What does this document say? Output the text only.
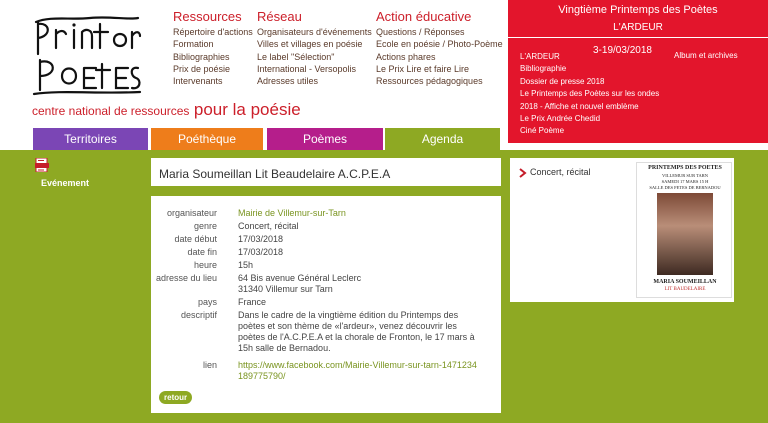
Ressources
Répertoire d'actions
Formation
Bibliographies
Prix de poésie
Intervenants
Réseau
Organisateurs d'événements
Villes et villages en poésie
Le label "Sélection"
International - Versopolis
Adresses utiles
Action éducative
Questions / Réponses
Ecole en poésie / Photo-Poème
Actions phares
Le Prix Lire et faire Lire
Ressources pédagogiques
centre national de ressources pour la poésie
Vingtième Printemps des Poètes
L'ARDEUR
3-19/03/2018	Album et archives
L'ARDEUR
Bibliographie
Dossier de presse 2018
Le Printemps des Poètes sur les ondes
2018 - Affiche et nouvel emblème
Le Prix Andrée Chedid
Ciné Poème
Territoires	Poéthèque	Poèmes	Agenda
Evénement
Maria Soumeillan Lit Beaudelaire A.C.P.E.A
organisateur	Mairie de Villemur-sur-Tarn
genre	Concert, récital
date début	17/03/2018
date fin	17/03/2018
heure	15h
adresse du lieu	64 Bis avenue Général Leclerc
31340 Villemur sur Tarn
pays	France
descriptif	Dans le cadre de la vingtième édition du Printemps des poètes et son thème de «l'ardeur», venez découvrir les poètes de l'A.C.P.E.A et la chorale de Fronton, le 17 mars à 15h salle de Bernadou.
lien	https://www.facebook.com/Mairie-Villemur-sur-tarn-1471234189775790/
retour
Concert, récital	PRINTEMPS DES POETES
VILLEMUR SUR TARN
SAMEDI 17 MARS 15 H
SALLE DES FETES DE BERNADOU
MARIA SOUMEILLAN
LIT BAUDELAIRE
